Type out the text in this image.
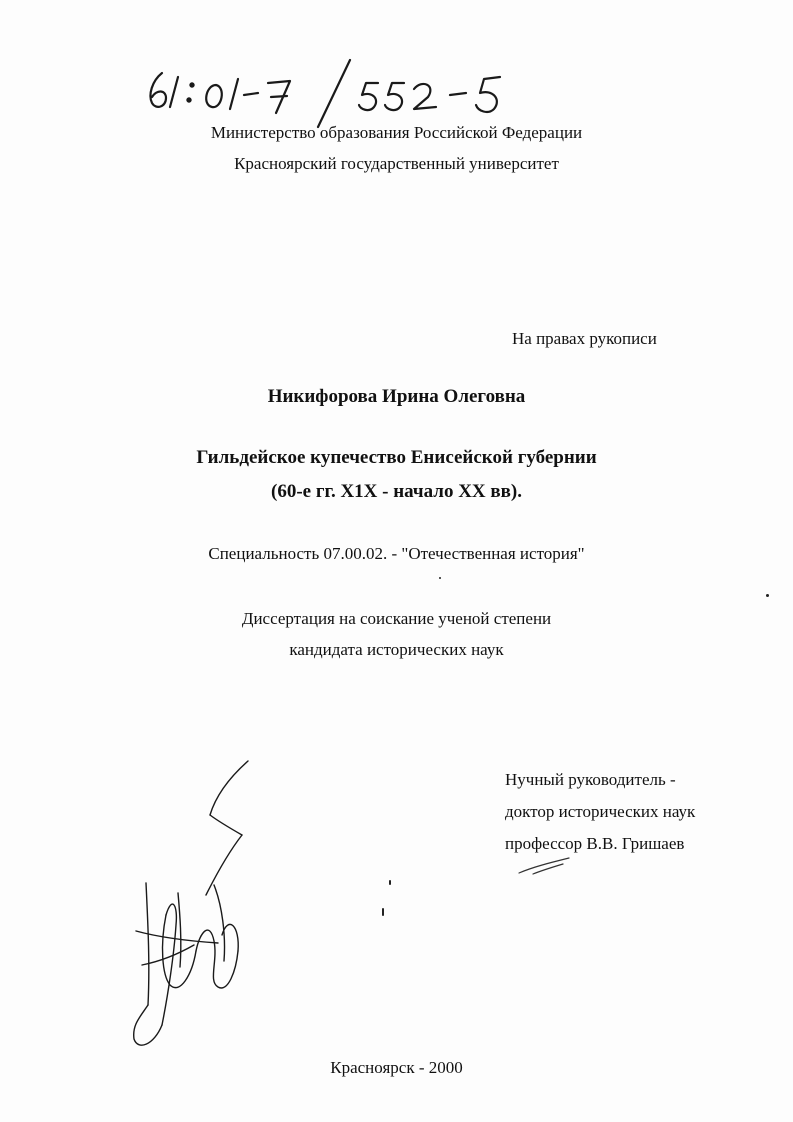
Министерство образования Российской Федерации
Красноярский государственный университет
На правах рукописи
Никифорова Ирина Олеговна
Гильдейское купечество Енисейской губернии
(60-е гг. Х1Х - начало ХХ вв).
Специальность 07.00.02. - "Отечественная история"
Диссертация на соискание ученой степени
кандидата исторических наук
Нучный руководитель -
доктор исторических наук
профессор В.В. Гришаев
Красноярск - 2000
